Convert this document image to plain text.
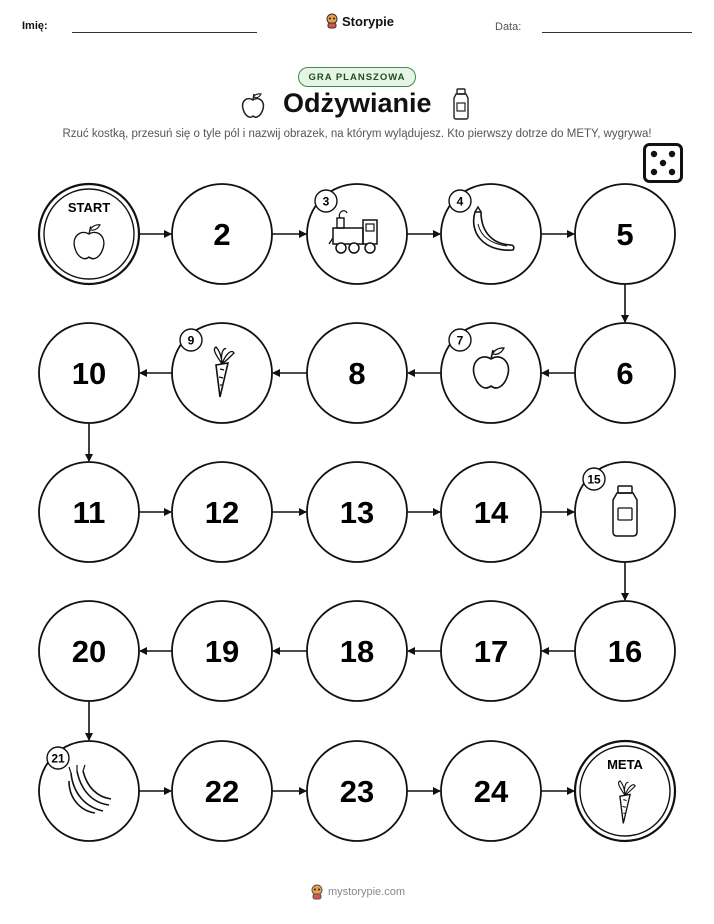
Imię:	Storypie	Data:
GRA PLANSZOWA
Odżywianie
Rzuć kostką, przesuń się o tyle pól i nazwij obrazek, na którym wylądujesz. Kto pierwszy dotrze do METY, wygrywa!
START
2
3	4
5
6
7
8
9
10
11	12	13	14
15
16
17
18
19
20
21
22	23	24
META
mystorypie.com
